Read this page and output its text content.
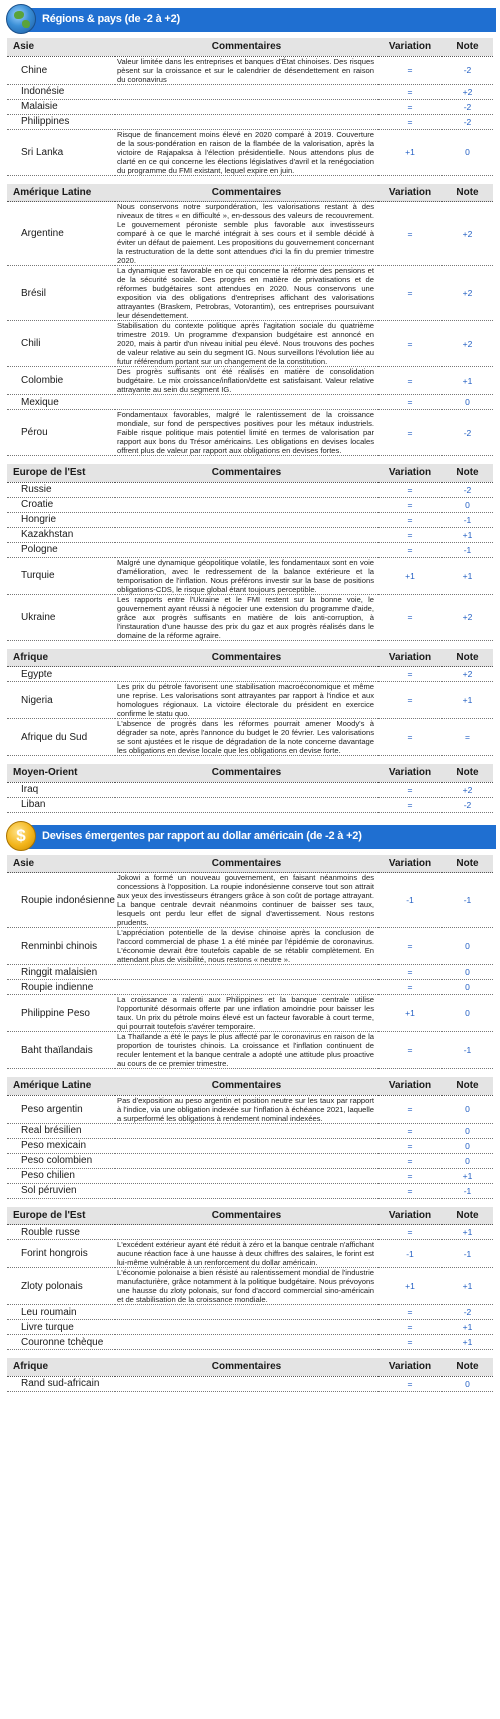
Régions & pays (de -2 à +2)
Asie	Commentaires	Variation	Note
Chine	Valeur limitée dans les entreprises et banques d'État chinoises. Des risques pèsent sur la croissance et sur le calendrier de désendettement en raison du coronavirus	=	-2
Indonésie		=	+2
Malaisie		=	-2
Philippines		=	-2
Sri Lanka	Risque de financement moins élevé en 2020 comparé à 2019. Couverture de la sous-pondération en raison de la flambée de la valorisation, après la victoire de Rajapaksa à l'élection présidentielle. Nous attendons plus de clarté en ce qui concerne les élections législatives d'avril et la renégociation du programme du FMI existant, lequel expire en juin.	+1	0
Amérique Latine	Commentaires	Variation	Note
Argentine	Nous conservons notre surpondération, les valorisations restant à des niveaux de titres « en difficulté », en-dessous des valeurs de recouvrement. Le gouvernement péroniste semble plus favorable aux investisseurs comparé à ce que le marché intégrait à ses cours et il semble décidé à éviter un défaut de paiement. Les propositions du gouvernement concernant la restructuration de la dette sont attendues d'ici la fin du premier trimestre 2020.	=	+2
Brésil	La dynamique est favorable en ce qui concerne la réforme des pensions et de la sécurité sociale. Des progrès en matière de privatisations et de réformes budgétaires sont attendues en 2020. Nous conservons une exposition via des obligations d'entreprises affichant des valorisations attrayantes (Braskem, Petrobras, Votorantim), ces entreprises poursuivant leur désendettement.	=	+2
Chili	Stabilisation du contexte politique après l'agitation sociale du quatrième trimestre 2019. Un programme d'expansion budgétaire est annoncé en 2020, mais à partir d'un niveau initial peu élevé. Nous trouvons des poches de valeur relative au sein du segment IG. Nous surveillons l'évolution liée au futur référendum portant sur un changement de la constitution.	=	+2
Colombie	Des progrès suffisants ont été réalisés en matière de consolidation budgétaire. Le mix croissance/inflation/dette est satisfaisant. Valeur relative attrayante au sein du segment IG.	=	+1
Mexique		=	0
Pérou	Fondamentaux favorables, malgré le ralentissement de la croissance mondiale, sur fond de perspectives positives pour les métaux industriels. Faible risque politique mais potentiel limité en termes de valorisation par rapport aux bons du Trésor américains. Les obligations en devises locales offrent plus de valeur par rapport aux obligations en devises fortes.	=	-2
Europe de l'Est	Commentaires	Variation	Note
Russie		=	-2
Croatie		=	0
Hongrie		=	-1
Kazakhstan		=	+1
Pologne		=	-1
Turquie	Malgré une dynamique géopolitique volatile, les fondamentaux sont en voie d'amélioration, avec le redressement de la balance extérieure et la temporisation de l'inflation. Nous préférons investir sur la base de positions obligations-CDS, le risque global étant toujours perceptible.	+1	+1
Ukraine	Les rapports entre l'Ukraine et le FMI restent sur la bonne voie, le gouvernement ayant réussi à négocier une extension du programme d'aide, grâce aux progrès suffisants en matière de lois anti-corruption, à l'instauration d'une hausse des prix du gaz et aux progrès réalisés dans le domaine de la réforme agraire.	=	+2
Afrique	Commentaires	Variation	Note
Egypte		=	+2
Nigeria	Les prix du pétrole favorisent une stabilisation macroéconomique et même une reprise. Les valorisations sont attrayantes par rapport à l'indice et aux homologues régionaux. La victoire électorale du président en exercice confirme le statu quo.	=	+1
Afrique du Sud	L'absence de progrès dans les réformes pourrait amener Moody's à dégrader sa note, après l'annonce du budget le 20 février. Les valorisations se sont ajustées et le risque de dégradation de la note concerne davantage les obligations en devise locale que les obligations en devise forte.	=	=
Moyen-Orient	Commentaires	Variation	Note
Iraq		=	+2
Liban		=	-2
$	Devises émergentes par rapport au dollar américain (de -2 à +2)
Asie	Commentaires	Variation	Note
Roupie indonésienne	Jokowi a formé un nouveau gouvernement, en faisant néanmoins des concessions à l'opposition. La roupie indonésienne conserve tout son attrait aux yeux des investisseurs étrangers grâce à son coût de portage attrayant. La banque centrale devrait néanmoins continuer de baisser ses taux, lesquels ont perdu leur effet de signal d'avertissement. Nous restons prudents.	-1	-1
Renminbi chinois	L'appréciation potentielle de la devise chinoise après la conclusion de l'accord commercial de phase 1 a été minée par l'épidémie de coronavirus. L'économie devrait être toutefois capable de se rétablir complètement. En attendant plus de visibilité, nous restons « neutre ».	=	0
Ringgit malaisien		=	0
Roupie indienne		=	0
Philippine Peso	La croissance a ralenti aux Philippines et la banque centrale utilise l'opportunité désormais offerte par une inflation amoindrie pour baisser les taux. Un prix du pétrole moins élevé est un facteur favorable à court terme, qui pourrait toutefois s'avérer temporaire.	+1	0
Baht thaïlandais	La Thaïlande a été le pays le plus affecté par le coronavirus en raison de la proportion de touristes chinois. La croissance et l'inflation continuent de reculer lentement et la banque centrale a adopté une attitude plus proactive au cours de ce premier trimestre.	=	-1
Amérique Latine	Commentaires	Variation	Note
Peso argentin	Pas d'exposition au peso argentin et position neutre sur les taux par rapport à l'indice, via une obligation indexée sur l'inflation à échéance 2021, laquelle a surperformé les obligations à rendement nominal indexées.	=	0
Real brésilien		=	0
Peso mexicain		=	0
Peso colombien		=	0
Peso chilien		=	+1
Sol péruvien		=	-1
Europe de l'Est	Commentaires	Variation	Note
Rouble russe		=	+1
Forint hongrois	L'excédent extérieur ayant été réduit à zéro et la banque centrale n'affichant aucune réaction face à une hausse à deux chiffres des salaires, le forint est lui-même vulnérable à un renforcement du dollar américain.	-1	-1
Zloty polonais	L'économie polonaise a bien résisté au ralentissement mondial de l'industrie manufacturière, grâce notamment à la politique budgétaire. Nous prévoyons une hausse du zloty polonais, sur fond d'accord commercial sino-américain et de stabilisation de la croissance mondiale.	+1	+1
Leu roumain		=	-2
Livre turque		=	+1
Couronne tchèque		=	+1
Afrique	Commentaires	Variation	Note
Rand sud-africain		=	0
